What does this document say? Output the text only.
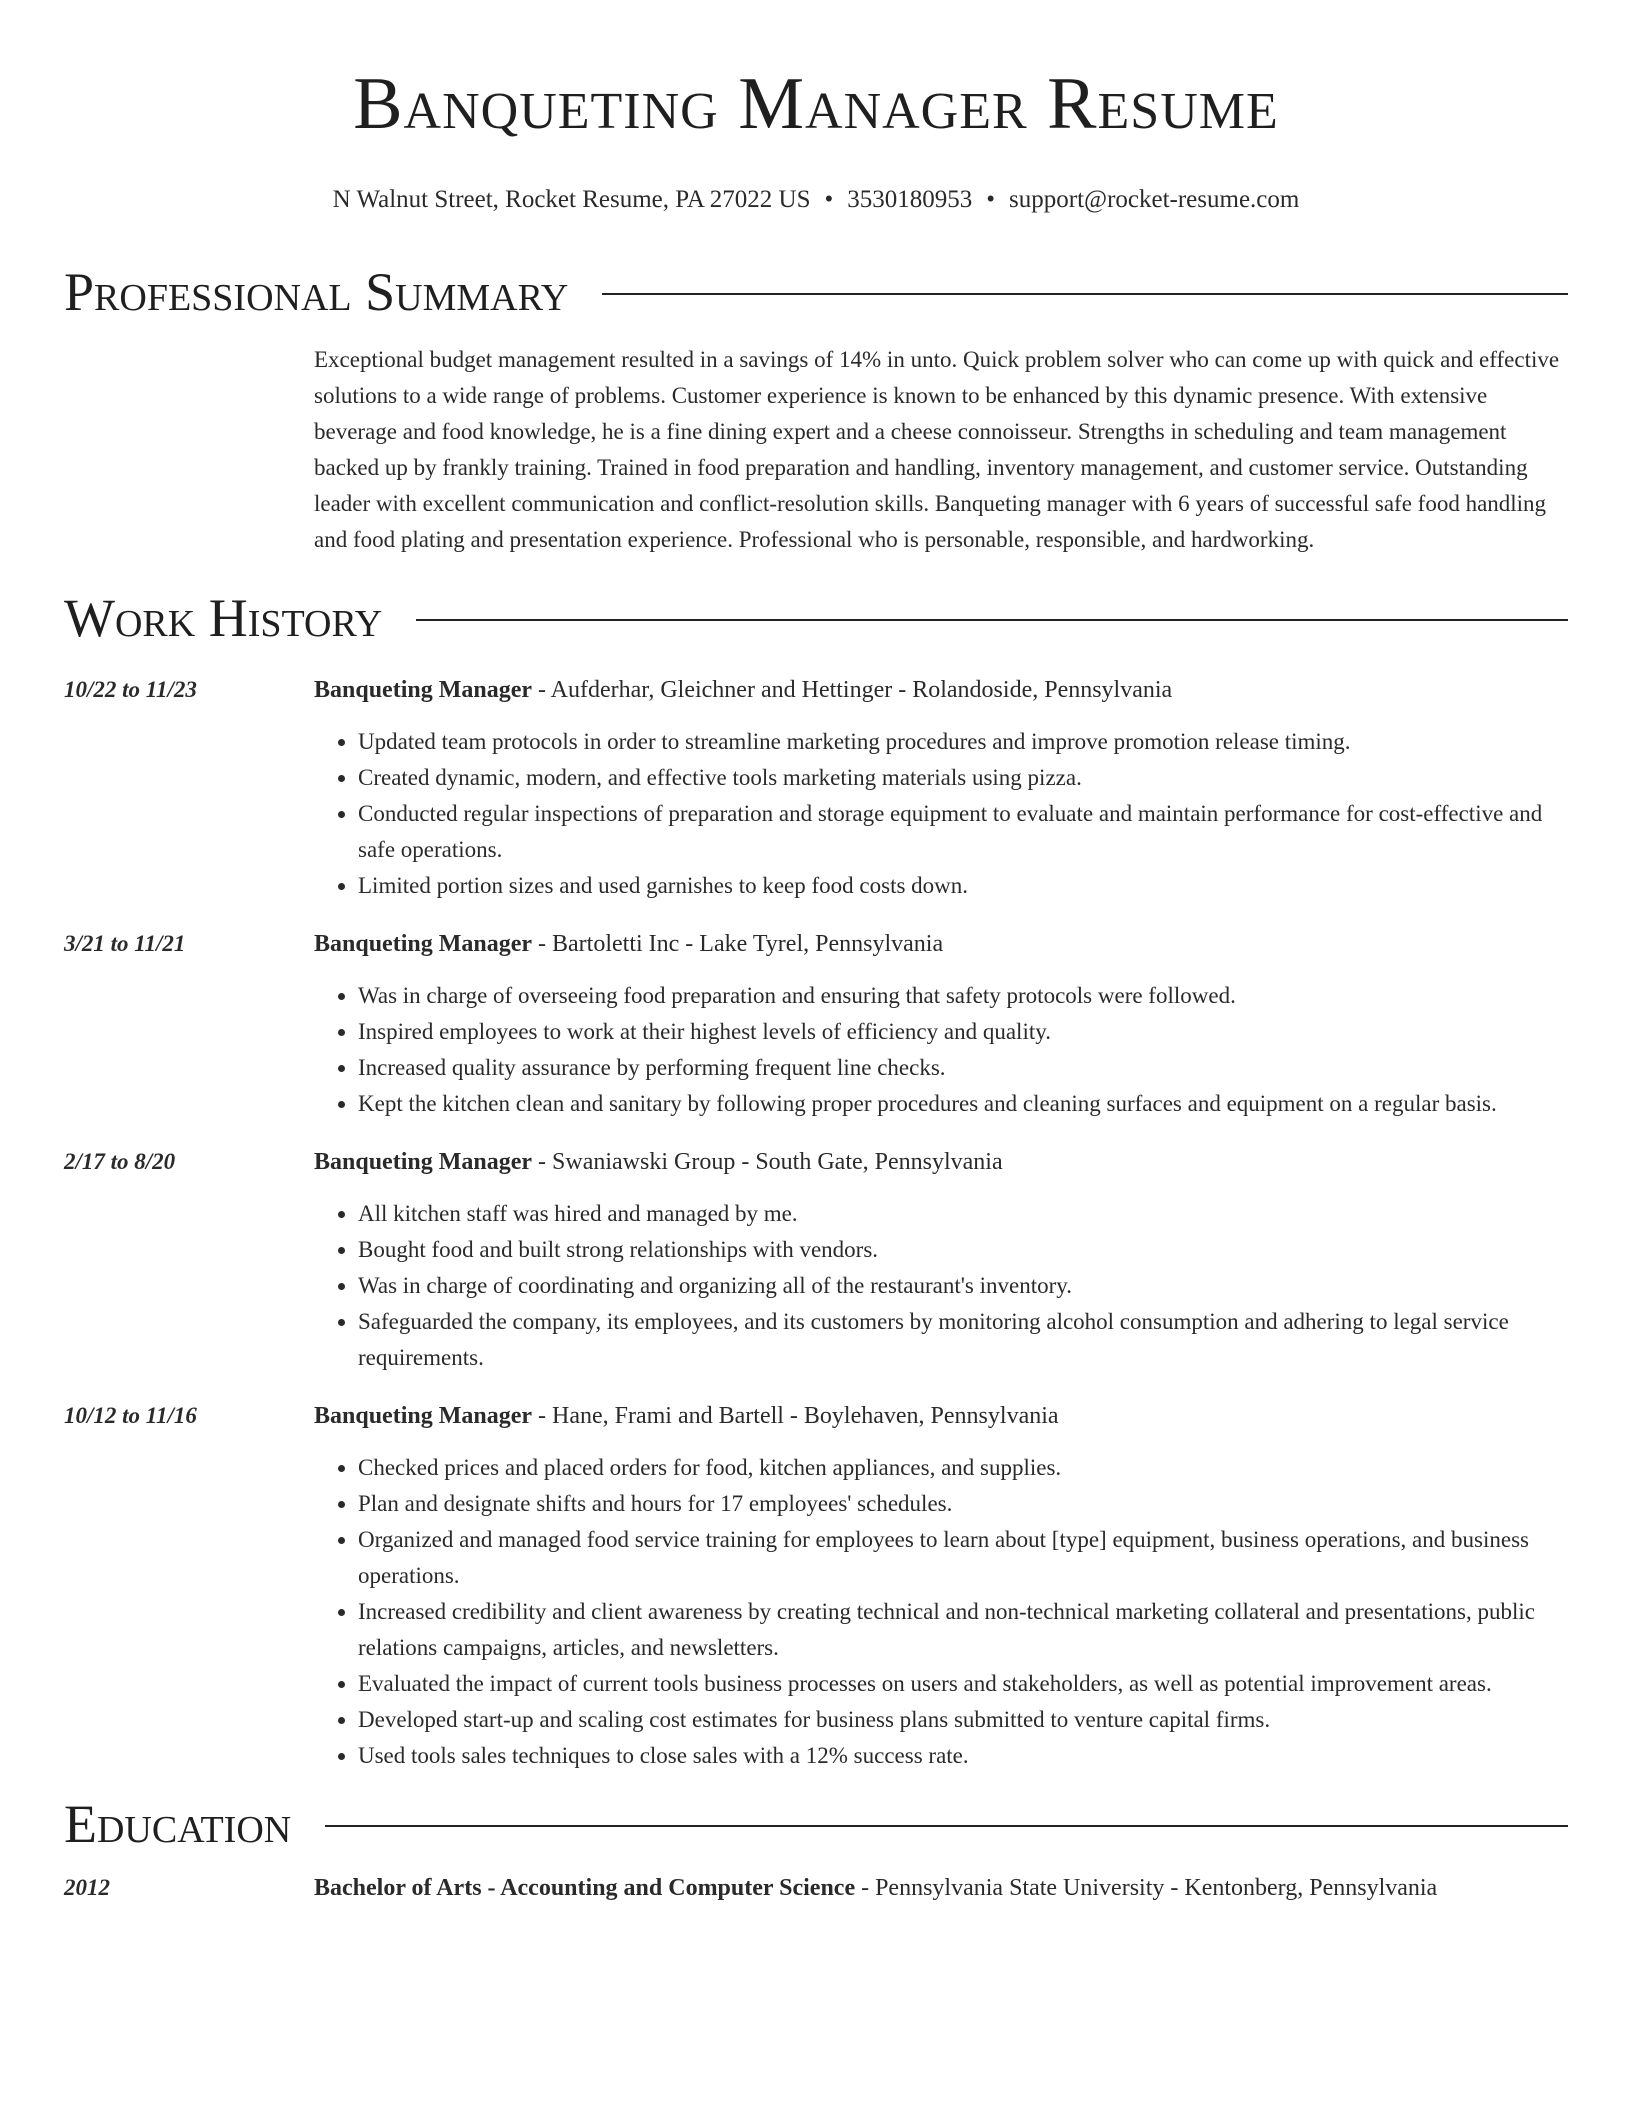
Banqueting Manager Resume
N Walnut Street, Rocket Resume, PA 27022 US • 3530180953 • support@rocket-resume.com
Professional Summary
Exceptional budget management resulted in a savings of 14% in unto. Quick problem solver who can come up with quick and effective solutions to a wide range of problems. Customer experience is known to be enhanced by this dynamic presence. With extensive beverage and food knowledge, he is a fine dining expert and a cheese connoisseur. Strengths in scheduling and team management backed up by frankly training. Trained in food preparation and handling, inventory management, and customer service. Outstanding leader with excellent communication and conflict-resolution skills. Banqueting manager with 6 years of successful safe food handling and food plating and presentation experience. Professional who is personable, responsible, and hardworking.
Work History
10/22 to 11/23	Banqueting Manager - Aufderhar, Gleichner and Hettinger - Rolandoside, Pennsylvania
• Updated team protocols in order to streamline marketing procedures and improve promotion release timing.
• Created dynamic, modern, and effective tools marketing materials using pizza.
• Conducted regular inspections of preparation and storage equipment to evaluate and maintain performance for cost-effective and safe operations.
• Limited portion sizes and used garnishes to keep food costs down.
3/21 to 11/21	Banqueting Manager - Bartoletti Inc - Lake Tyrel, Pennsylvania
• Was in charge of overseeing food preparation and ensuring that safety protocols were followed.
• Inspired employees to work at their highest levels of efficiency and quality.
• Increased quality assurance by performing frequent line checks.
• Kept the kitchen clean and sanitary by following proper procedures and cleaning surfaces and equipment on a regular basis.
2/17 to 8/20	Banqueting Manager - Swaniawski Group - South Gate, Pennsylvania
• All kitchen staff was hired and managed by me.
• Bought food and built strong relationships with vendors.
• Was in charge of coordinating and organizing all of the restaurant's inventory.
• Safeguarded the company, its employees, and its customers by monitoring alcohol consumption and adhering to legal service requirements.
10/12 to 11/16	Banqueting Manager - Hane, Frami and Bartell - Boylehaven, Pennsylvania
• Checked prices and placed orders for food, kitchen appliances, and supplies.
• Plan and designate shifts and hours for 17 employees' schedules.
• Organized and managed food service training for employees to learn about [type] equipment, business operations, and business operations.
• Increased credibility and client awareness by creating technical and non-technical marketing collateral and presentations, public relations campaigns, articles, and newsletters.
• Evaluated the impact of current tools business processes on users and stakeholders, as well as potential improvement areas.
• Developed start-up and scaling cost estimates for business plans submitted to venture capital firms.
• Used tools sales techniques to close sales with a 12% success rate.
Education
2012	Bachelor of Arts - Accounting and Computer Science - Pennsylvania State University - Kentonberg, Pennsylvania
